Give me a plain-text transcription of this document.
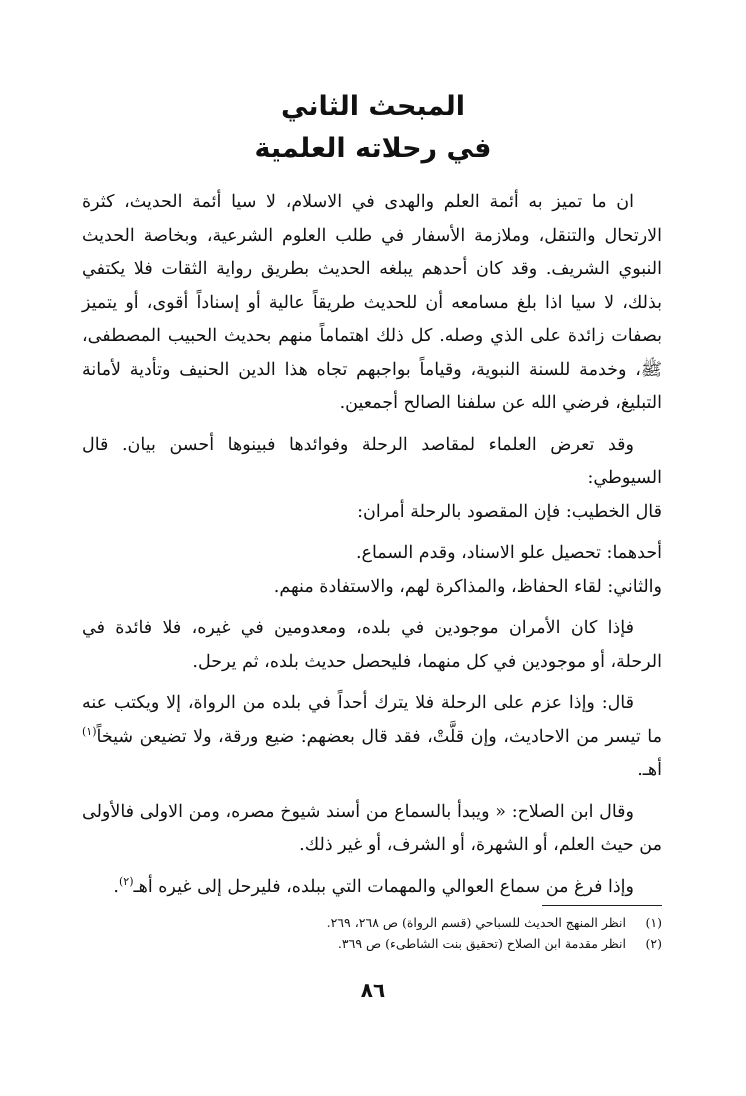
المبحث الثاني

في رحلاته العلمية

ان ما تميز به أئمة العلم والهدى في الاسلام، لا سيا أئمة الحديث، كثرة الارتحال والتنقل، وملازمة الأسفار في طلب العلوم الشرعية، وبخاصة الحديث النبوي الشريف. وقد كان أحدهم يبلغه الحديث بطريق رواية الثقات فلا يكتفي بذلك، لا سيا اذا بلغ مسامعه أن للحديث طريقاً عالية أو إسناداً أقوى، أو يتميز بصفات زائدة على الذي وصله. كل ذلك اهتماماً منهم بحديث الحبيب المصطفى، ﷺ، وخدمة للسنة النبوية، وقياماً بواجبهم تجاه هذا الدين الحنيف وتأدية لأمانة التبليغ، فرضي الله عن سلفنا الصالح أجمعين.

وقد تعرض العلماء لمقاصد الرحلة وفوائدها فبينوها أحسن بيان. قال السيوطي:

قال الخطيب: فإن المقصود بالرحلة أمران:

أحدهما: تحصيل علو الاسناد، وقدم السماع.

والثاني: لقاء الحفاظ، والمذاكرة لهم، والاستفادة منهم.

فإذا كان الأمران موجودين في بلده، ومعدومين في غيره، فلا فائدة في الرحلة، أو موجودين في كل منهما، فليحصل حديث بلده، ثم يرحل.

قال: وإذا عزم على الرحلة فلا يترك أحداً في بلده من الرواة، إلا ويكتب عنه ما تيسر من الاحاديث، وإن قلَّتْ، فقد قال بعضهم: ضيع ورقة، ولا تضيعن شيخاً$^{(١)}$ أهـ.

وقال ابن الصلاح: « ويبدأ بالسماع من أسند شيوخ مصره، ومن الاولى فالأولى من حيث العلم، أو الشهرة، أو الشرف، أو غير ذلك.

وإذا فرغ من سماع العوالي والمهمات التي ببلده، فليرحل إلى غيره أهـ$^{(٢)}$.

(١)
انظر المنهج الحديث للسباحي (قسم الرواة) ص ٢٦٨، ٢٦٩.
(٢)
انظر مقدمة ابن الصلاح (تحقيق بنت الشاطىء) ص ٣٦٩.
٨٦
